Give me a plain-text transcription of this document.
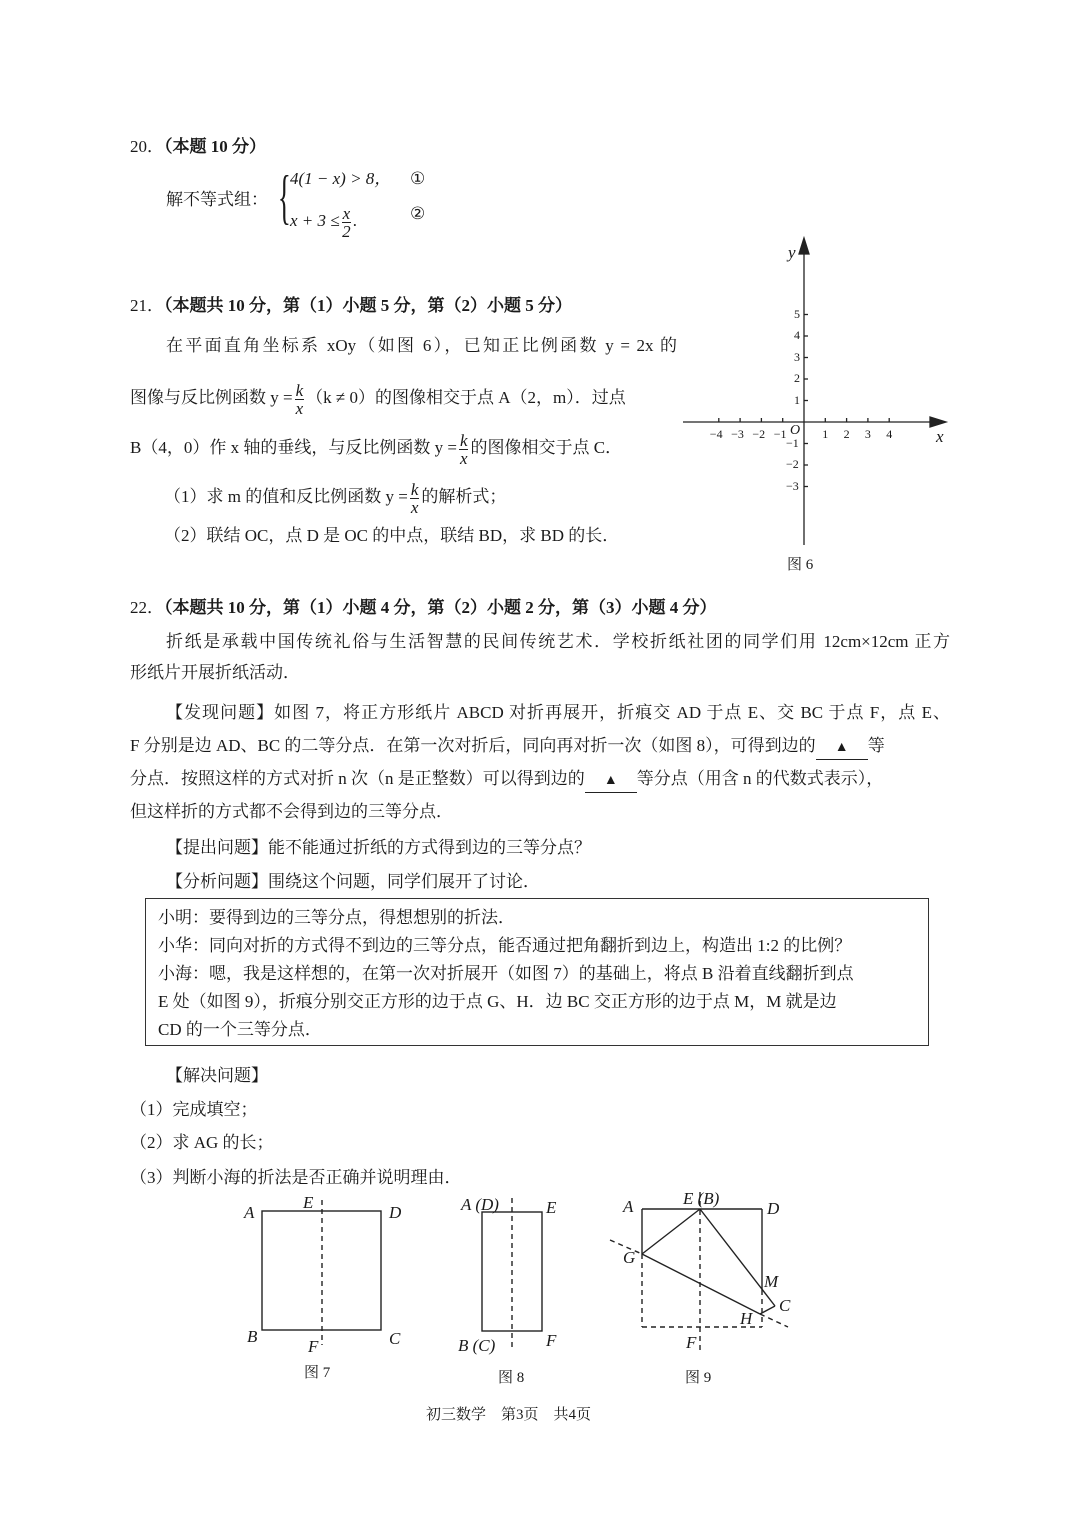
20．（本题 10 分）
解不等式组： { 4(1 − x) > 8， ①
$x + 3 \le \frac{x}{2}$ .	②
21．（本题共 10 分，第（1）小题 5 分，第（2）小题 5 分）
在平面直角坐标系 xOy（如图 6），已知正比例函数 y = 2x 的
图像与反比例函数 $y = \frac{k}{x} (k \ne 0)$的图像相交于点 A（2，m）．过点
B（4，0）作 x 轴的垂线，与反比例函数 $y = \frac{k}{x}$ 的图像相交于点 C．
（1）求 m 的值和反比例函数 $y = \frac{k}{x}$ 的解析式；
（2）联结 OC，点 D 是 OC 的中点，联结 BD，求 BD 的长．
−4 −3 −2 −1	1 2 3 4
5
4
3
2
1
−1
−2
−3
y
x
O
图 6
22．（本题共 10 分，第（1）小题 4 分，第（2）小题 2 分，第（3）小题 4 分）
折纸是承载中国传统礼俗与生活智慧的民间传统艺术．学校折纸社团的同学们用 12cm×12cm 正方
形纸片开展折纸活动．
【发现问题】如图 7，将正方形纸片 ABCD 对折再展开，折痕交 AD 于点 E、交 BC 于点 F，点 E、
F 分别是边 AD、BC 的二等分点．在第一次对折后，同向再对折一次（如图 8），可得到边的 ▲ 等
分点．按照这样的方式对折 n 次（n 是正整数）可以得到边的 ▲ 等分点（用含 n 的代数式表示），
但这样折的方式都不会得到边的三等分点．
【提出问题】能不能通过折纸的方式得到边的三等分点？
【分析问题】围绕这个问题，同学们展开了讨论．
小明：要得到边的三等分点，得想想别的折法．
小华：同向对折的方式得不到边的三等分点，能否通过把角翻折到边上，构造出 1:2 的比例？
小海：嗯，我是这样想的，在第一次对折展开（如图 7）的基础上，将点 B 沿着直线翻折到点
E 处（如图 9），折痕分别交正方形的边于点 G、H．边 BC 交正方形的边于点 M，M 就是边
CD 的一个三等分点．
【解决问题】
（1）完成填空；
（2）求 AG 的长；
（3）判断小海的折法是否正确并说明理由．
A
E
D
B
F	C
图 7
A (D)	E
B (C)	F
图 8
A	E (B)
D
G
M
C
H
F
图 9
初三数学　第3页　共4页
